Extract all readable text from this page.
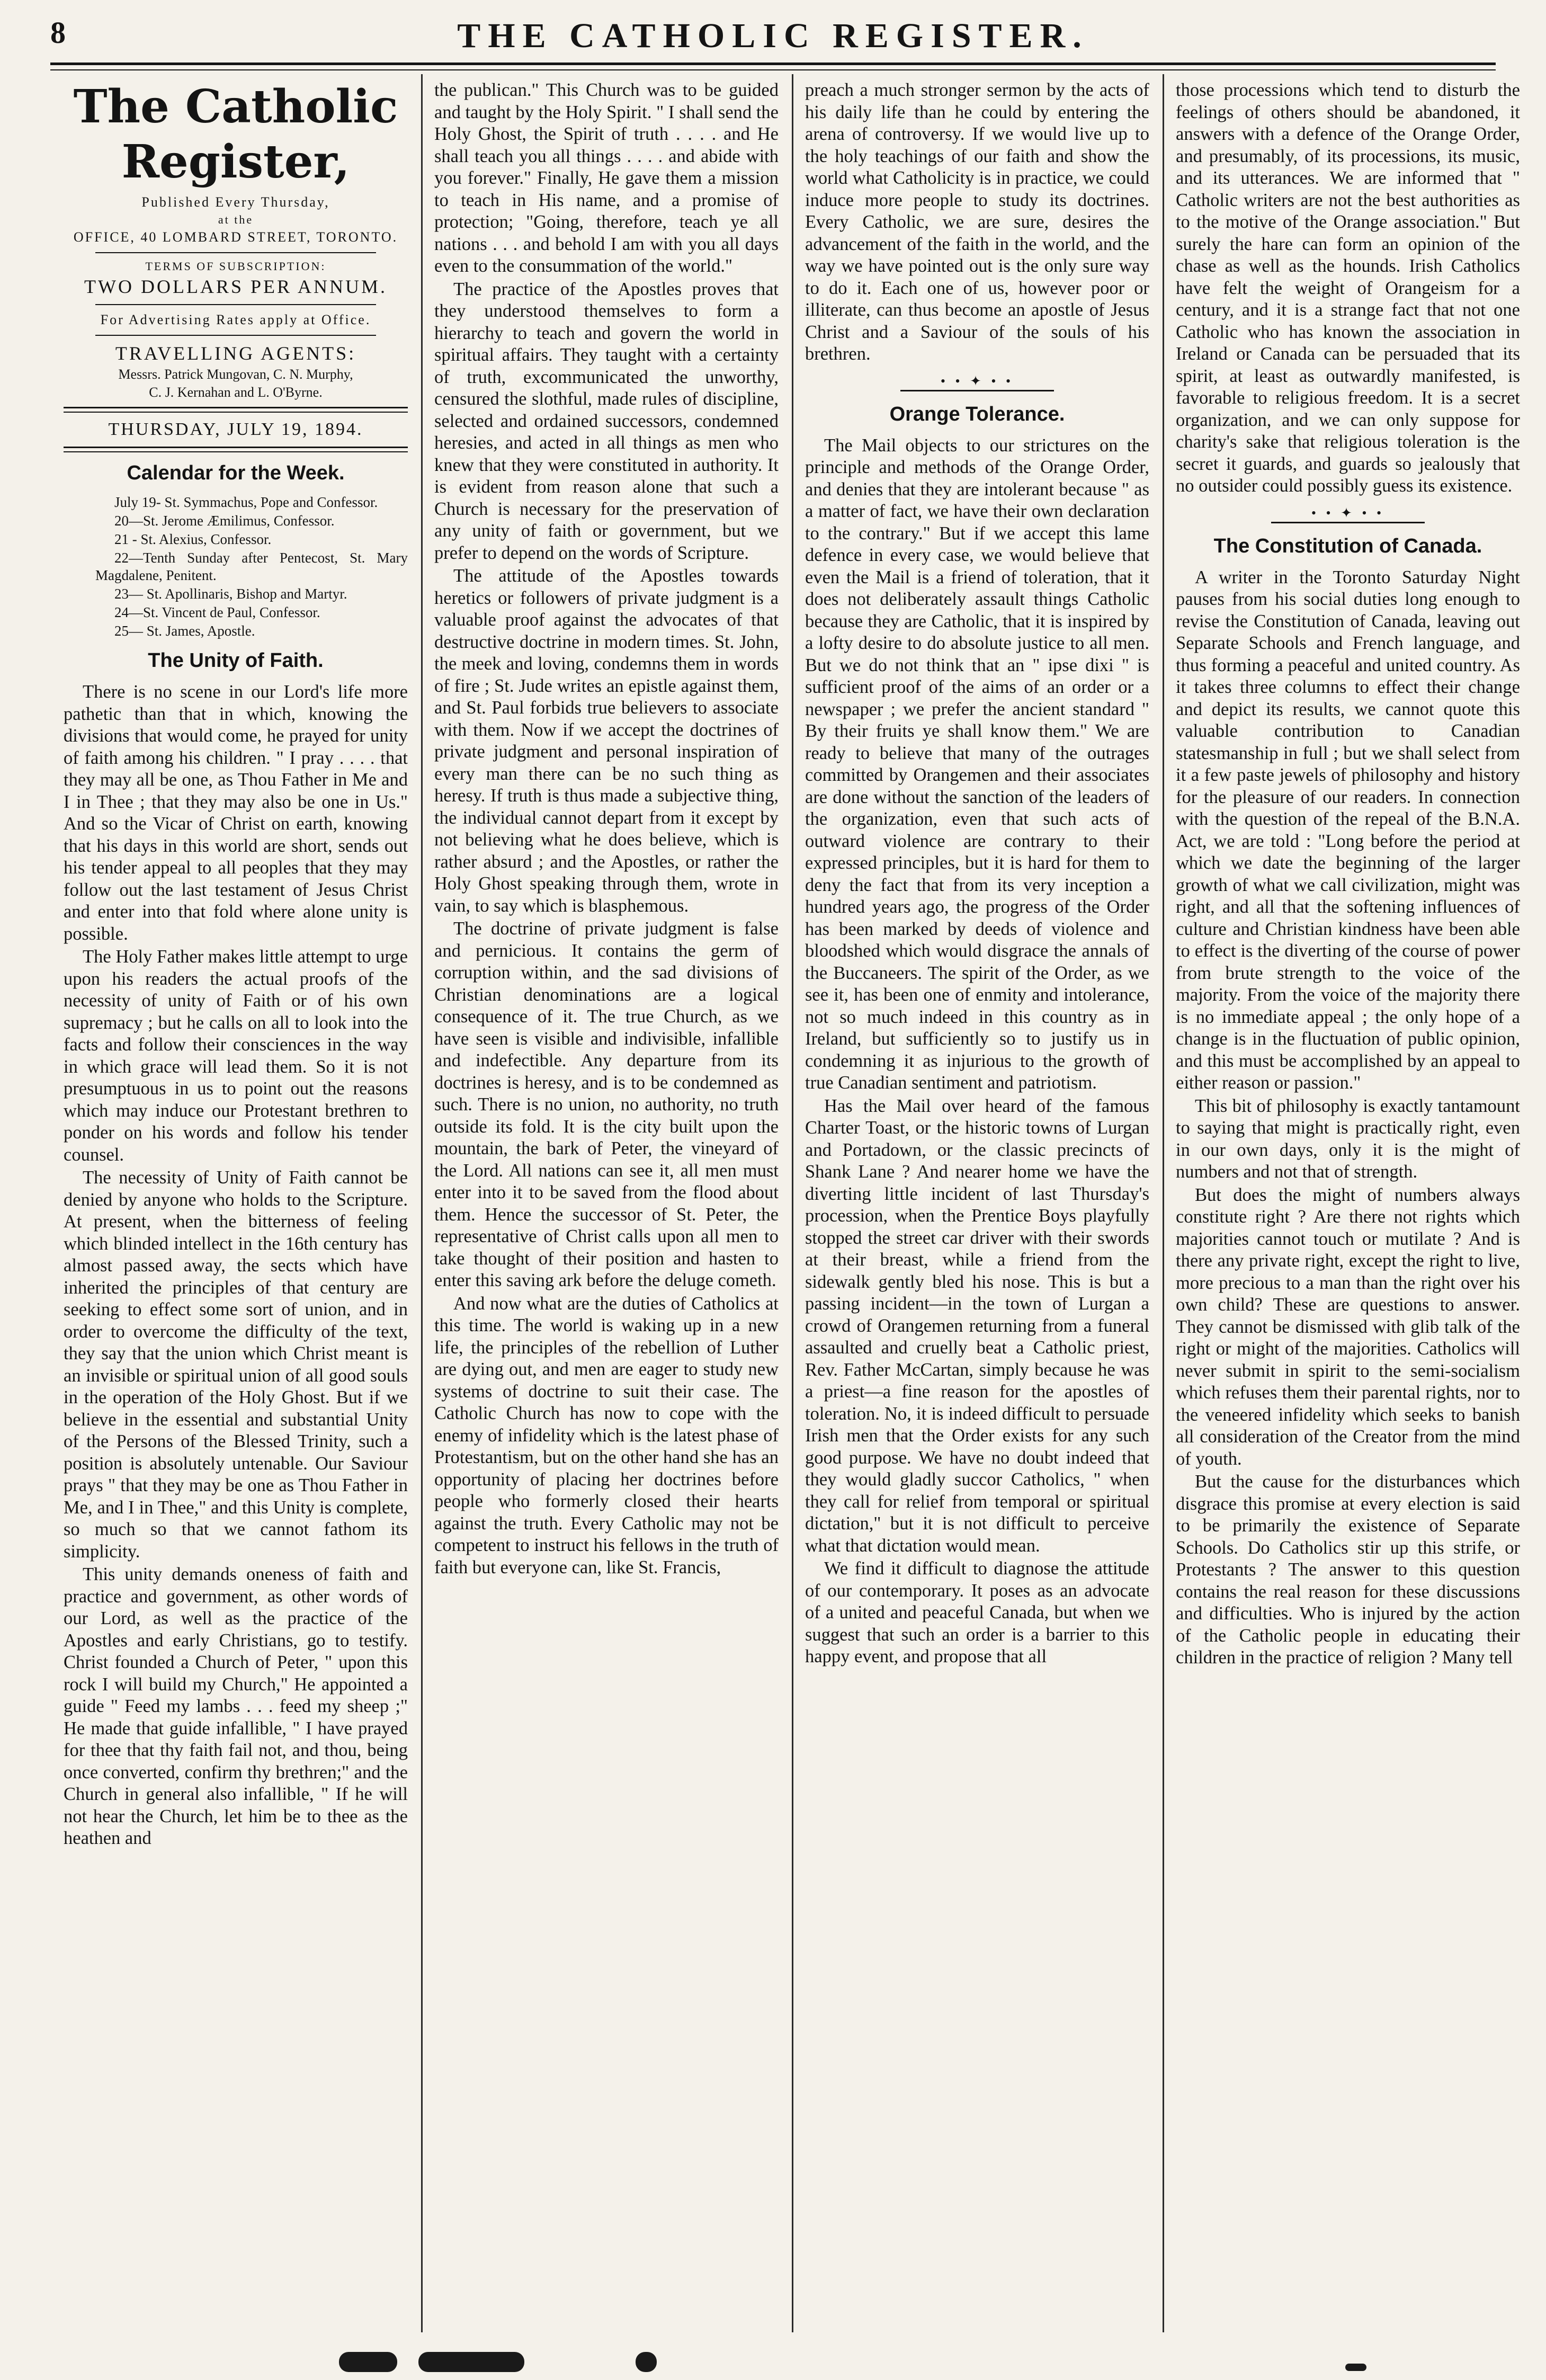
8	THE CATHOLIC REGISTER.
The Catholic Register,
Published Every Thursday,
at the
OFFICE, 40 LOMBARD STREET, TORONTO.
TERMS OF SUBSCRIPTION:
TWO DOLLARS PER ANNUM.
For Advertising Rates apply at Office.
TRAVELLING AGENTS:
Messrs. Patrick Mungovan, C. N. Murphy,
C. J. Kernahan and L. O'Byrne.
THURSDAY, JULY 19, 1894.
Calendar for the Week.

July 19- St. Symmachus, Pope and Confessor.

20—St. Jerome Æmilimus, Confessor.

21 - St. Alexius, Confessor.

22—Tenth Sunday after Pentecost, St. Mary Magdalene, Penitent.

23— St. Apollinaris, Bishop and Martyr.

24—St. Vincent de Paul, Confessor.

25— St. James, Apostle.

The Unity of Faith.

There is no scene in our Lord's life more pathetic than that in which, knowing the divisions that would come, he prayed for unity of faith among his children. " I pray . . . . that they may all be one, as Thou Father in Me and I in Thee ; that they may also be one in Us." And so the Vicar of Christ on earth, knowing that his days in this world are short, sends out his tender appeal to all peoples that they may follow out the last testament of Jesus Christ and enter into that fold where alone unity is possible.

The Holy Father makes little attempt to urge upon his readers the actual proofs of the necessity of unity of Faith or of his own supremacy ; but he calls on all to look into the facts and follow their consciences in the way in which grace will lead them. So it is not presumptuous in us to point out the reasons which may induce our Protestant brethren to ponder on his words and follow his tender counsel.

The necessity of Unity of Faith cannot be denied by anyone who holds to the Scripture. At present, when the bitterness of feeling which blinded intellect in the 16th century has almost passed away, the sects which have inherited the principles of that century are seeking to effect some sort of union, and in order to overcome the difficulty of the text, they say that the union which Christ meant is an invisible or spiritual union of all good souls in the operation of the Holy Ghost. But if we believe in the essential and substantial Unity of the Persons of the Blessed Trinity, such a position is absolutely untenable. Our Saviour prays " that they may be one as Thou Father in Me, and I in Thee," and this Unity is complete, so much so that we cannot fathom its simplicity.

This unity demands oneness of faith and practice and government, as other words of our Lord, as well as the practice of the Apostles and early Christians, go to testify. Christ founded a Church of Peter, " upon this rock I will build my Church," He appointed a guide " Feed my lambs . . . feed my sheep ;" He made that guide infallible, " I have prayed for thee that thy faith fail not, and thou, being once converted, confirm thy brethren;" and the Church in general also infallible, " If he will not hear the Church, let him be to thee as the heathen and

the publican." This Church was to be guided and taught by the Holy Spirit. " I shall send the Holy Ghost, the Spirit of truth . . . . and He shall teach you all things . . . . and abide with you forever." Finally, He gave them a mission to teach in His name, and a promise of protection; "Going, therefore, teach ye all nations . . . and behold I am with you all days even to the consummation of the world."

The practice of the Apostles proves that they understood themselves to form a hierarchy to teach and govern the world in spiritual affairs. They taught with a certainty of truth, excommunicated the unworthy, censured the slothful, made rules of discipline, selected and ordained successors, condemned heresies, and acted in all things as men who knew that they were constituted in authority. It is evident from reason alone that such a Church is necessary for the preservation of any unity of faith or government, but we prefer to depend on the words of Scripture.

The attitude of the Apostles towards heretics or followers of private judgment is a valuable proof against the advocates of that destructive doctrine in modern times. St. John, the meek and loving, condemns them in words of fire ; St. Jude writes an epistle against them, and St. Paul forbids true believers to associate with them. Now if we accept the doctrines of private judgment and personal inspiration of every man there can be no such thing as heresy. If truth is thus made a subjective thing, the individual cannot depart from it except by not believing what he does believe, which is rather absurd ; and the Apostles, or rather the Holy Ghost speaking through them, wrote in vain, to say which is blasphemous.

The doctrine of private judgment is false and pernicious. It contains the germ of corruption within, and the sad divisions of Christian denominations are a logical consequence of it. The true Church, as we have seen is visible and indivisible, infallible and indefectible. Any departure from its doctrines is heresy, and is to be condemned as such. There is no union, no authority, no truth outside its fold. It is the city built upon the mountain, the bark of Peter, the vineyard of the Lord. All nations can see it, all men must enter into it to be saved from the flood about them. Hence the successor of St. Peter, the representative of Christ calls upon all men to take thought of their position and hasten to enter this saving ark before the deluge cometh.

And now what are the duties of Catholics at this time. The world is waking up in a new life, the principles of the rebellion of Luther are dying out, and men are eager to study new systems of doctrine to suit their case. The Catholic Church has now to cope with the enemy of infidelity which is the latest phase of Protestantism, but on the other hand she has an opportunity of placing her doctrines before people who formerly closed their hearts against the truth. Every Catholic may not be competent to instruct his fellows in the truth of faith but everyone can, like St. Francis,

preach a much stronger sermon by the acts of his daily life than he could by entering the arena of controversy. If we would live up to the holy teachings of our faith and show the world what Catholicity is in practice, we could induce more people to study its doctrines. Every Catholic, we are sure, desires the advancement of the faith in the world, and the way we have pointed out is the only sure way to do it. Each one of us, however poor or illiterate, can thus become an apostle of Jesus Christ and a Saviour of the souls of his brethren.

• • ✦ • •
Orange Tolerance.

The Mail objects to our strictures on the principle and methods of the Orange Order, and denies that they are intolerant because " as a matter of fact, we have their own declaration to the contrary." But if we accept this lame defence in every case, we would believe that even the Mail is a friend of toleration, that it does not deliberately assault things Catholic because they are Catholic, that it is inspired by a lofty desire to do absolute justice to all men. But we do not think that an " ipse dixi " is sufficient proof of the aims of an order or a newspaper ; we prefer the ancient standard " By their fruits ye shall know them." We are ready to believe that many of the outrages committed by Orangemen and their associates are done without the sanction of the leaders of the organization, even that such acts of outward violence are contrary to their expressed principles, but it is hard for them to deny the fact that from its very inception a hundred years ago, the progress of the Order has been marked by deeds of violence and bloodshed which would disgrace the annals of the Buccaneers. The spirit of the Order, as we see it, has been one of enmity and intolerance, not so much indeed in this country as in Ireland, but sufficiently so to justify us in condemning it as injurious to the growth of true Canadian sentiment and patriotism.

Has the Mail over heard of the famous Charter Toast, or the historic towns of Lurgan and Portadown, or the classic precincts of Shank Lane ? And nearer home we have the diverting little incident of last Thursday's procession, when the Prentice Boys playfully stopped the street car driver with their swords at their breast, while a friend from the sidewalk gently bled his nose. This is but a passing incident—in the town of Lurgan a crowd of Orangemen returning from a funeral assaulted and cruelly beat a Catholic priest, Rev. Father McCartan, simply because he was a priest—a fine reason for the apostles of toleration. No, it is indeed difficult to persuade Irish men that the Order exists for any such good purpose. We have no doubt indeed that they would gladly succor Catholics, " when they call for relief from temporal or spiritual dictation," but it is not difficult to perceive what that dictation would mean.

We find it difficult to diagnose the attitude of our contemporary. It poses as an advocate of a united and peaceful Canada, but when we suggest that such an order is a barrier to this happy event, and propose that all

those processions which tend to disturb the feelings of others should be abandoned, it answers with a defence of the Orange Order, and presumably, of its processions, its music, and its utterances. We are informed that " Catholic writers are not the best authorities as to the motive of the Orange association." But surely the hare can form an opinion of the chase as well as the hounds. Irish Catholics have felt the weight of Orangeism for a century, and it is a strange fact that not one Catholic who has known the association in Ireland or Canada can be persuaded that its spirit, at least as outwardly manifested, is favorable to religious freedom. It is a secret organization, and we can only suppose for charity's sake that religious toleration is the secret it guards, and guards so jealously that no outsider could possibly guess its existence.

• • ✦ • •
The Constitution of Canada.

A writer in the Toronto Saturday Night pauses from his social duties long enough to revise the Constitution of Canada, leaving out Separate Schools and French language, and thus forming a peaceful and united country. As it takes three columns to effect their change and depict its results, we cannot quote this valuable contribution to Canadian statesmanship in full ; but we shall select from it a few paste jewels of philosophy and history for the pleasure of our readers. In connection with the question of the repeal of the B.N.A. Act, we are told : "Long before the period at which we date the beginning of the larger growth of what we call civilization, might was right, and all that the softening influences of culture and Christian kindness have been able to effect is the diverting of the course of power from brute strength to the voice of the majority. From the voice of the majority there is no immediate appeal ; the only hope of a change is in the fluctuation of public opinion, and this must be accomplished by an appeal to either reason or passion."

This bit of philosophy is exactly tantamount to saying that might is practically right, even in our own days, only it is the might of numbers and not that of strength.

But does the might of numbers always constitute right ? Are there not rights which majorities cannot touch or mutilate ? And is there any private right, except the right to live, more precious to a man than the right over his own child? These are questions to answer. They cannot be dismissed with glib talk of the right or might of the majorities. Catholics will never submit in spirit to the semi-socialism which refuses them their parental rights, nor to the veneered infidelity which seeks to banish all consideration of the Creator from the mind of youth.

But the cause for the disturbances which disgrace this promise at every election is said to be primarily the existence of Separate Schools. Do Catholics stir up this strife, or Protestants ? The answer to this question contains the real reason for these discussions and difficulties. Who is injured by the action of the Catholic people in educating their children in the practice of religion ? Many tell
